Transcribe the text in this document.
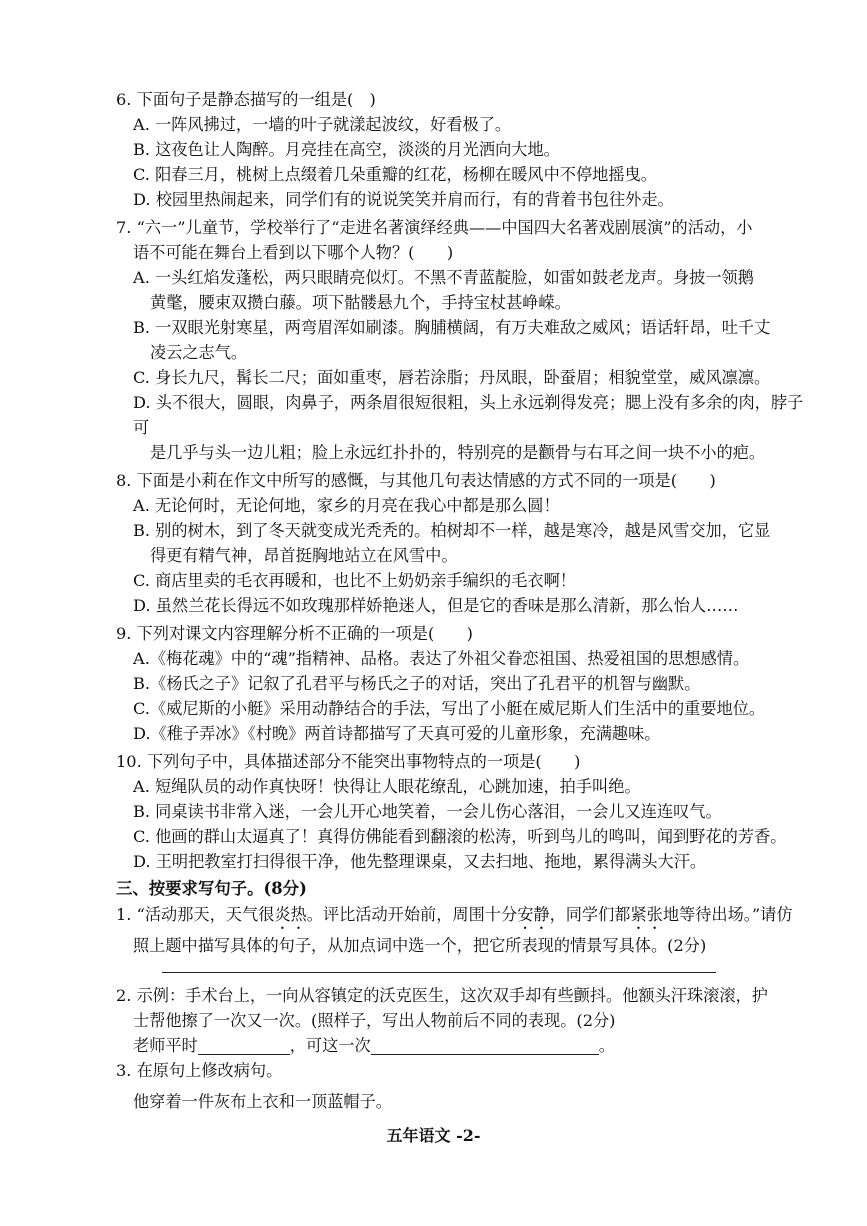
6. 下面句子是静态描写的一组是(　)
A. 一阵风拂过，一墙的叶子就漾起波纹，好看极了。
B. 这夜色让人陶醉。月亮挂在高空，淡淡的月光洒向大地。
C. 阳春三月，桃树上点缀着几朵重瓣的红花，杨柳在暖风中不停地摇曳。
D. 校园里热闹起来，同学们有的说说笑笑并肩而行，有的背着书包往外走。
7. “六一”儿童节，学校举行了“走进名著演绎经典——中国四大名著戏剧展演”的活动，小
语不可能在舞台上看到以下哪个人物？(　　)
A. 一头红焰发蓬松，两只眼睛亮似灯。不黑不青蓝靛脸，如雷如鼓老龙声。身披一领鹅
黄氅，腰束双攒白藤。项下骷髅悬九个，手持宝杖甚峥嵘。
B. 一双眼光射寒星，两弯眉浑如刷漆。胸脯横阔，有万夫难敌之威风；语话轩昂，吐千丈
凌云之志气。
C. 身长九尺，髯长二尺；面如重枣，唇若涂脂；丹凤眼，卧蚕眉；相貌堂堂，威风凛凛。
D. 头不很大，圆眼，肉鼻子，两条眉很短很粗，头上永远剃得发亮；腮上没有多余的肉，脖子可
是几乎与头一边儿粗；脸上永远红扑扑的，特别亮的是颧骨与右耳之间一块不小的疤。
8. 下面是小莉在作文中所写的感慨，与其他几句表达情感的方式不同的一项是(　　)
A. 无论何时，无论何地，家乡的月亮在我心中都是那么圆！
B. 别的树木，到了冬天就变成光秃秃的。柏树却不一样，越是寒冷，越是风雪交加，它显
得更有精气神，昂首挺胸地站立在风雪中。
C. 商店里卖的毛衣再暖和，也比不上奶奶亲手编织的毛衣啊！
D. 虽然兰花长得远不如玫瑰那样娇艳迷人，但是它的香味是那么清新，那么怡人……
9. 下列对课文内容理解分析不正确的一项是(　　)
A.《梅花魂》中的“魂”指精神、品格。表达了外祖父眷恋祖国、热爱祖国的思想感情。
B.《杨氏之子》记叙了孔君平与杨氏之子的对话，突出了孔君平的机智与幽默。
C.《威尼斯的小艇》采用动静结合的手法，写出了小艇在威尼斯人们生活中的重要地位。
D.《稚子弄冰》《村晚》两首诗都描写了天真可爱的儿童形象，充满趣味。
10. 下列句子中，具体描述部分不能突出事物特点的一项是(　　)
A. 短绳队员的动作真快呀！快得让人眼花缭乱，心跳加速，拍手叫绝。
B. 同桌读书非常入迷，一会儿开心地笑着，一会儿伤心落泪，一会儿又连连叹气。
C. 他画的群山太逼真了！真得仿佛能看到翻滚的松涛，听到鸟儿的鸣叫，闻到野花的芳香。
D. 王明把教室打扫得很干净，他先整理课桌，又去扫地、拖地，累得满头大汗。
三、按要求写句子。(8分)
1. “活动那天，天气很炎热。评比活动开始前，周围十分安静，同学们都紧张地等待出场。”请仿
照上题中描写具体的句子，从加点词中选一个，把它所表现的情景写具体。(2分)
2. 示例：手术台上，一向从容镇定的沃克医生，这次双手却有些颤抖。他额头汗珠滚滚，护
士帮他擦了一次又一次。(照样子，写出人物前后不同的表现。(2分)
老师平时	，可这一次	。
3. 在原句上修改病句。
他穿着一件灰布上衣和一顶蓝帽子。
五年语文 -2-
